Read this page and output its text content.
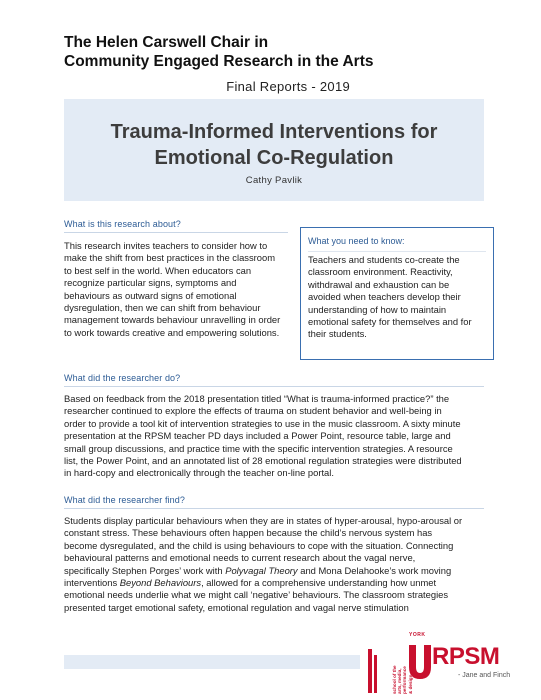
The Helen Carswell Chair in
Community Engaged Research in the Arts
Final Reports - 2019
Trauma-Informed Interventions for
Emotional Co-Regulation
Cathy Pavlik
What is this research about?

This research invites teachers to consider how to
make the shift from best practices in the classroom
to best self in the world. When educators can
recognize particular signs, symptoms and
behaviours as outward signs of emotional
dysregulation, then we can shift from behaviour
management towards behaviour unravelling in order
to work towards creative and empowering solutions.

What you need to know:

Teachers and students co-create the
classroom environment. Reactivity,
withdrawal and exhaustion can be
avoided when teachers develop their
understanding of how to maintain
emotional safety for themselves and for
their students.

What did the researcher do?

Based on feedback from the 2018 presentation titled “What is trauma-informed practice?” the
researcher continued to explore the effects of trauma on student behavior and well-being in
order to provide a tool kit of intervention strategies to use in the music classroom. A sixty minute
presentation at the RPSM teacher PD days included a Power Point, resource table, large and
small group discussions, and practice time with the specific intervention strategies. A resource
list, the Power Point, and an annotated list of 28 emotional regulation strategies were distributed
in hard-copy and electronically through the teacher on-line portal.

What did the researcher find?

Students display particular behaviours when they are in states of hyper-arousal, hypo-arousal or
constant stress. These behaviours often happen because the child’s nervous system has
become dysregulated, and the child is using behaviours to cope with the situation. Connecting
behavioural patterns and emotional needs to current research about the vagal nerve,
specifically Stephen Porges’ work with Polyvagal Theory and Mona Delahooke’s work moving
interventions Beyond Behaviours, allowed for a comprehensive understanding how unmet
emotional needs underlie what we might call ‘negative’ behaviours. The classroom strategies
presented target emotional safety, emotional regulation and vagal nerve stimulation

school of the arts, media, performance & design
YORK
RPSM
- Jane and Finch
